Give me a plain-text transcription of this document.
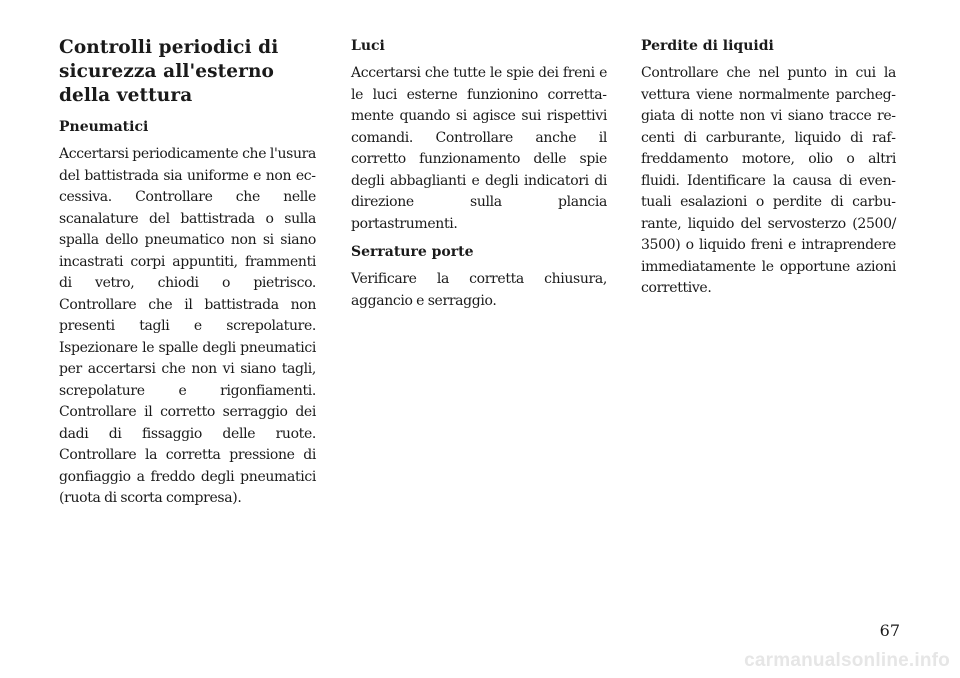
Controlli periodici di sicurezza all'esterno della vettura
Pneumatici

Accertarsi periodicamente che l'usura del battistrada sia uniforme e non eccessiva. Controllare che nelle scanalature del battistrada o sulla spalla dello pneumatico non si siano incastrati corpi appuntiti, frammenti di vetro, chiodi o pietrisco. Controllare che il battistrada non presenti tagli e screpolature. Ispezionare le spalle degli pneumatici per accertarsi che non vi siano tagli, screpolature e rigonfiamenti. Controllare il corretto serraggio dei dadi di fissaggio delle ruote. Controllare la corretta pressione di gonfiaggio a freddo degli pneumatici (ruota di scorta compresa).

Luci

Accertarsi che tutte le spie dei freni e le luci esterne funzionino correttamente quando si agisce sui rispettivi comandi. Controllare anche il corretto funzionamento delle spie degli abbaglianti e degli indicatori di direzione sulla plancia portastrumenti.

Serrature porte

Verificare la corretta chiusura, aggancio e serraggio.

Perdite di liquidi

Controllare che nel punto in cui la vettura viene normalmente parcheggiata di notte non vi siano tracce recenti di carburante, liquido di raffreddamento motore, olio o altri fluidi. Identificare la causa di eventuali esalazioni o perdite di carburante, liquido del servosterzo (2500/ 3500) o liquido freni e intraprendere immediatamente le opportune azioni correttive.

67
carmanualsonline.info
